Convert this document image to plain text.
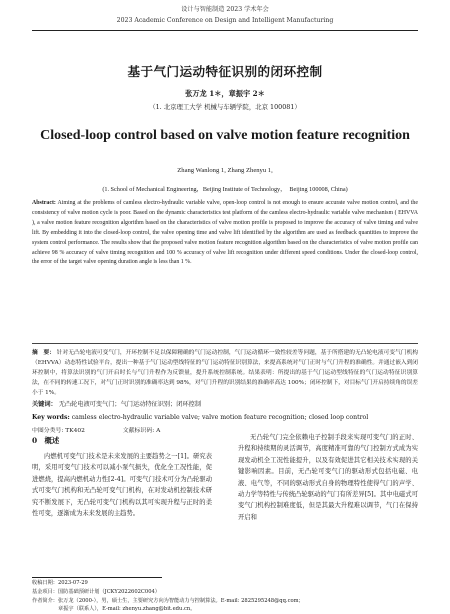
设计与智能制造 2023 学术年会
2023 Academic Conference on Design and Intelligent Manufacturing
基于气门运动特征识别的闭环控制
张万龙 1＊，章振宇 2＊
（1. 北京理工大学 机械与车辆学院，北京 100081）
Closed-loop control based on valve motion feature recognition
Zhang Wanlong 1, Zhang Zhenyu 1,
(1. School of Mechanical Engineering，Beijing Institute of Technology，　Beijing 100008, China)
Abstract: Aiming at the problems of camless electro-hydraulic variable valve, open-loop control is not enough to ensure accurate valve motion control, and the consistency of valve motion cycle is poor. Based on the dynamic characteristics test platform of the camless electro-hydraulic variable valve mechanism ( EHVVA ), a valve motion feature recognition algorithm based on the characteristics of valve motion profile is proposed to improve the accuracy of valve timing and valve lift. By embedding it into the closed-loop control, the valve opening time and valve lift identified by the algorithm are used as feedback quantities to improve the system control performance. The results show that the proposed valve motion feature recognition algorithm based on the characteristics of valve motion profile can achieve 98 % accuracy of valve timing recognition and 100 % accuracy of valve lift recognition under different speed conditions. Under the closed-loop control, the error of the target valve opening duration angle is less than 1 %.
摘　要： 针对无凸轮电液可变气门，开环控制不足以保障精确的气门运动控制，气门运动循环一致性较差等问题，基于所搭建的无凸轮电液可变气门机构（EHVVA）动态特性试验平台，提出一种基于气门运动型线特征的气门运动特征识别算法，来提高系统对气门正时与气门升程的准确性。并通过嵌入到闭环控制中，将算法识别的气门开启时长与气门升程作为反馈量，提升系统控制系统。结果表明：所提出的基于气门运动型线特征的气门运动特征识别算法，在不同的转速工况下，对气门正时识别的准确率达到 98%，对气门升程的识别结果的准确率高达 100%；闭环控制下，对目标气门开启持续角的误差小于 1%。
关键词： 无凸轮电液可变气门；气门运动特征识别；闭环控制
Key words: camless electro-hydraulic variable valve; valve motion feature recognition; closed loop control
中图分类号: TK402	文献标识码: A
0　概述
内燃机可变气门技术是未来发展的主要趋势之一[1]。研究表明，采用可变气门技术可以减小泵气损失，优化全工况性能，促进燃烧，提高内燃机动力性[2-4]。可变气门技术可分为凸轮驱动式可变气门机构和无凸轮可变气门机构，在对发动机控制技术研究不断发展下，无凸轮可变气门机构以其可实现升程与正时的柔性可变，逐渐成为未来发展的主趋势。
无凸轮气门完全依赖电子控制手段来实现可变气门的正时、升程和持续期的灵活调节，高度精准可靠的气门控制方式成为实现发动机全工况性能提升，以及有效促进其它相关技术实现的关键影响因素。目前，无凸轮可变气门的驱动形式包括电磁、电液、电气等，不同的驱动形式自身的物理特性使得气门的声学、动力学等特性与传统凸轮驱动的气门有所差异[5]。其中电磁式可变气门机构控制难度低，但是其最大升程难以调节，气门在保持开启和
收稿日期：2023-07-29
基金项目：国防基础预研计划（JCKY2022602C004）
作者简介：张万龙（2000-），男，硕士生，主要研究方向为智能动力与控制算法。E-mail: 2825295248@qq.com；
章振宇（联系人），E-mail: zhenyu.zhang@bit.edu.cn。
